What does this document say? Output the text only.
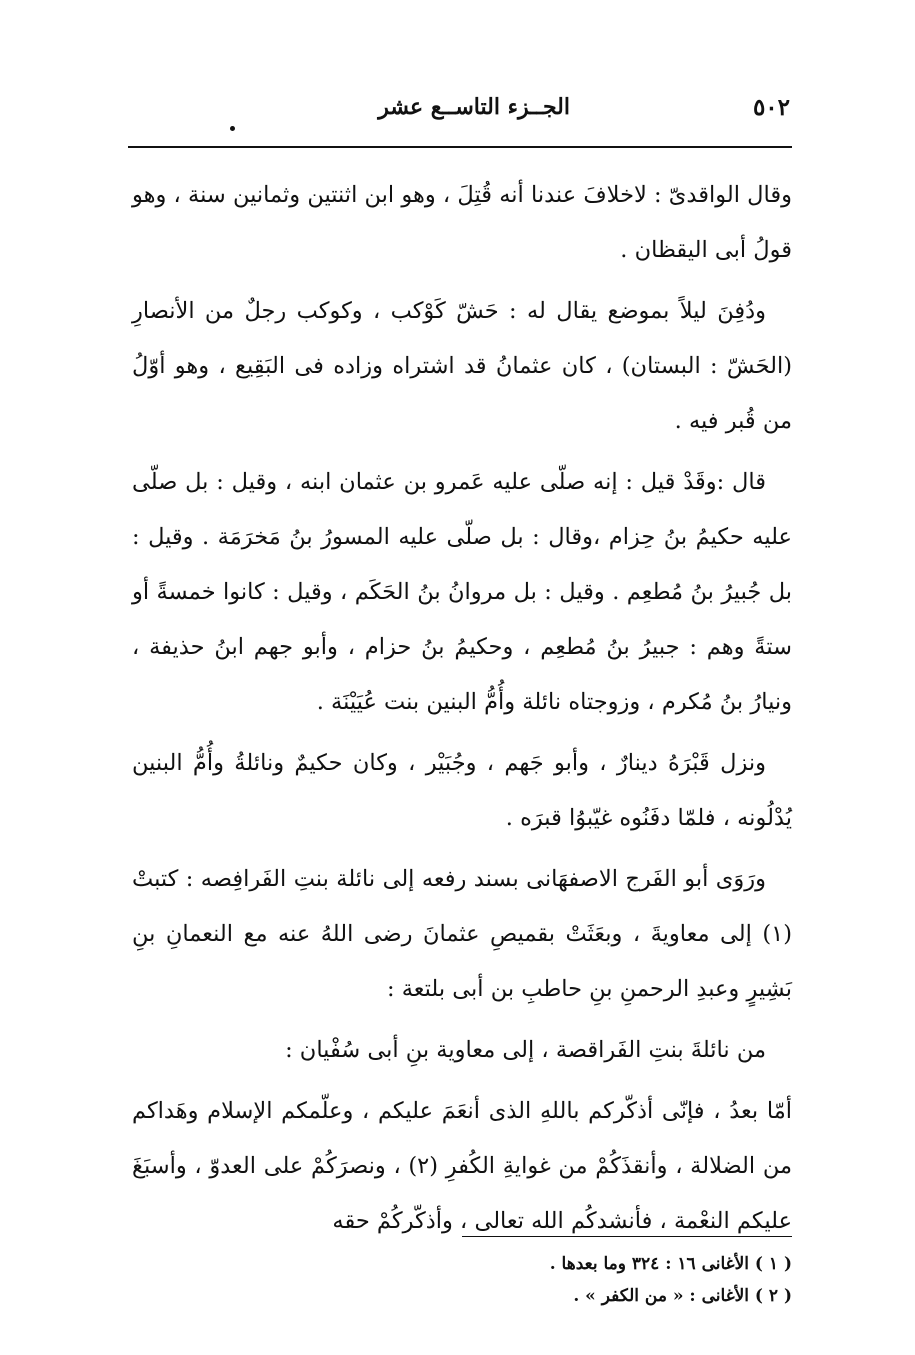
٥٠٢
الجــزء التاســع عشر

وقال الواقدىّ : لاخلافَ عندنا أنه قُتِلَ ، وهو ابن اثنتين وثمانين سنة ، وهو قولُ أبى اليقظان .

ودُفِنَ ليلاً بموضع يقال له : حَشّ كَوْكب ، وكوكب رجلٌ من الأنصارِ (الحَشّ : البستان) ، كان عثمانُ قد اشتراه وزاده فى البَقِيع ، وهو أوّلُ من قُبر فيه .

قال :وقَدْ قيل : إنه صلّى عليه عَمرو بن عثمان ابنه ، وقيل : بل صلّى عليه حكيمُ بنُ حِزام ،وقال : بل صلّى عليه المسورُ بنُ مَخرَمَة . وقيل : بل جُبيرُ بنُ مُطعِم . وقيل : بل مروانُ بنُ الحَكَم ، وقيل : كانوا خمسةً أو ستةً وهم : جبيرُ بنُ مُطعِم ، وحكيمُ بنُ حزام ، وأبو جهم ابنُ حذيفة ، ونيارُ بنُ مُكرم ، وزوجتاه نائلة وأُمُّ البنين بنت عُيَيْنَة .

ونزل قَبْرَهُ دينارٌ ، وأبو جَهم ، وجُبَيْر ، وكان حكيمٌ ونائلةُ وأُمُّ البنين يُدْلُونه ، فلمّا دفَنُوه غيّبوُا قبرَه .

ورَوَى أبو الفَرج الاصفهَانى بسند رفعه إلى نائلة بنتِ الفَرافِصه : كتبتْ (١) إلى معاويةَ ، وبعَثَتْ بقميصِ عثمانَ رضى اللهُ عنه مع النعمانِ بنِ بَشِيرٍ وعبدِ الرحمنِ بنِ حاطبِ بن أبى بلتعة :

من نائلةَ بنتِ الفَراقصة ، إلى معاوية بنِ أبى سُفْيان :

أمّا بعدُ ، فإنّى أذكّركم باللهِ الذى أنعَمَ عليكم ، وعلّمكم الإسلام وهَداكم من الضلالة ، وأنقذَكُمْ من غوايةِ الكُفرِ (٢) ، ونصرَكُمْ على العدوّ ، وأسبَغَ عليكم النعْمة ، فأنشدكُم الله تعالى ، وأذكّركُمْ حقه

( ١ ) الأغانى ١٦ : ٣٢٤ وما بعدها .
( ٢ ) الأغانى : « من الكفر » .
